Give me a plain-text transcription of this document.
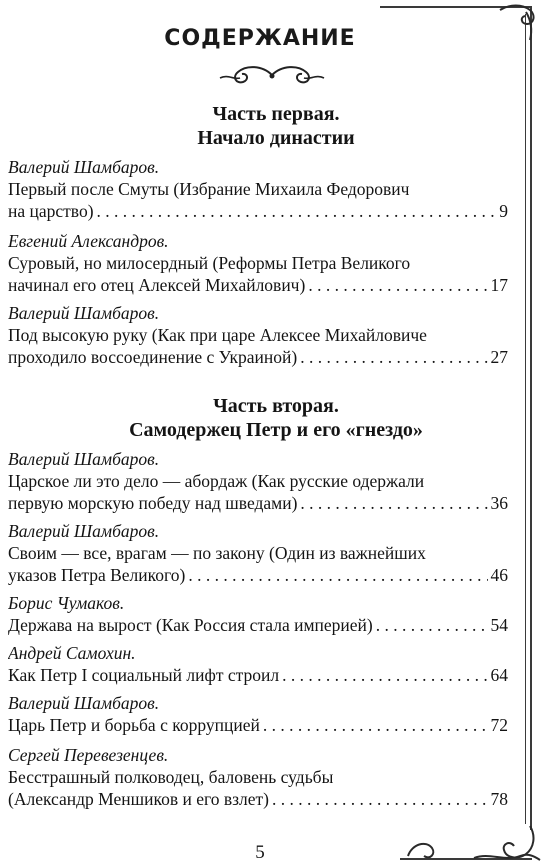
СОДЕРЖАНИЕ
Часть первая.
Начало династии
Валерий Шамбаров.
Первый после Смуты (Избрание Михаила Федорович
на царство) . . .	9
Евгений Александров.
Суровый, но милосердный (Реформы Петра Великого
начинал его отец Алексей Михайлович) . . .	17
Валерий Шамбаров.
Под высокую руку (Как при царе Алексее Михайловиче
проходило воссоединение с Украиной) . . .	27
Часть вторая.
Самодержец Петр и его «гнездо»
Валерий Шамбаров.
Царское ли это дело — абордаж (Как русские одержали
первую морскую победу над шведами) . . .	36
Валерий Шамбаров.
Своим — все, врагам — по закону (Один из важнейших
указов Петра Великого) . . .	46
Борис Чумаков.
Держава на вырост (Как Россия стала империей) . . .	54
Андрей Самохин.
Как Петр I социальный лифт строил . . .	64
Валерий Шамбаров.
Царь Петр и борьба с коррупцией . . .	72
Сергей Перевезенцев.
Бесстрашный полководец, баловень судьбы
(Александр Меншиков и его взлет) . . .	78
5
